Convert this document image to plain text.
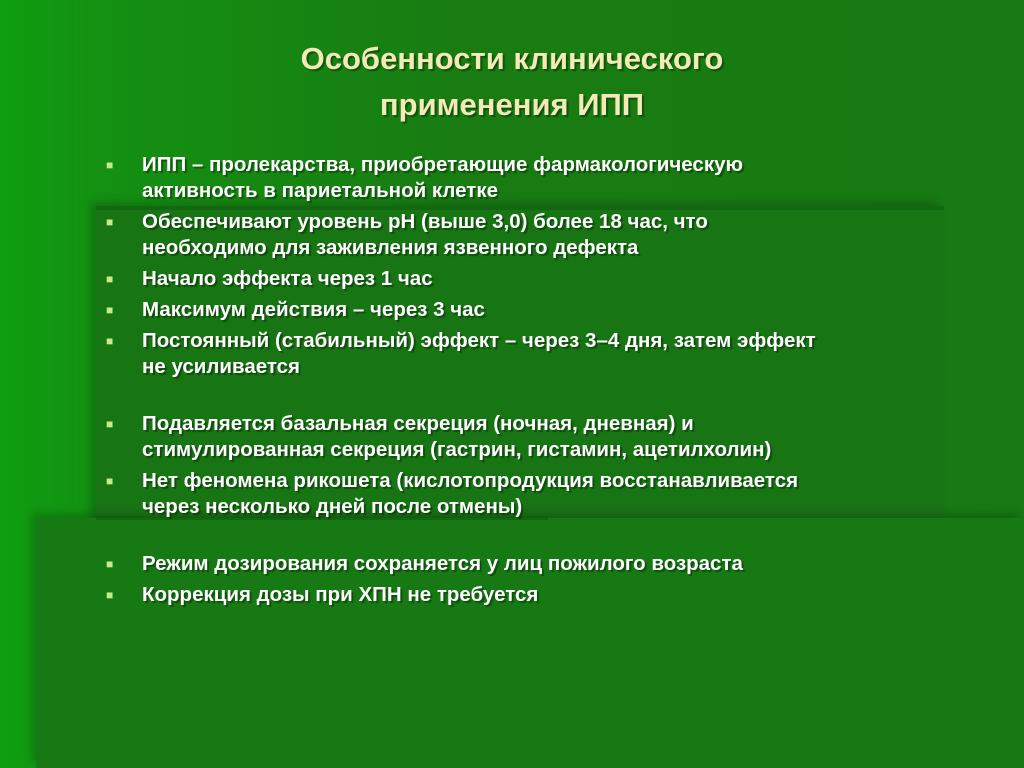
Особенности клинического
применения ИПП
■ ИПП – пролекарства, приобретающие фармакологическую
активность в париетальной клетке
■ Обеспечивают уровень рН (выше 3,0) более 18 час, что
необходимо для заживления язвенного дефекта
■ Начало эффекта через 1 час
■ Максимум действия – через 3 час
■ Постоянный (стабильный) эффект – через 3–4 дня, затем эффект
не усиливается
■ Подавляется базальная секреция (ночная, дневная) и
стимулированная секреция (гастрин, гистамин, ацетилхолин)
■ Нет феномена рикошета (кислотопродукция восстанавливается
через несколько дней после отмены)
■ Режим дозирования сохраняется у лиц пожилого возраста
■ Коррекция дозы при ХПН не требуется
